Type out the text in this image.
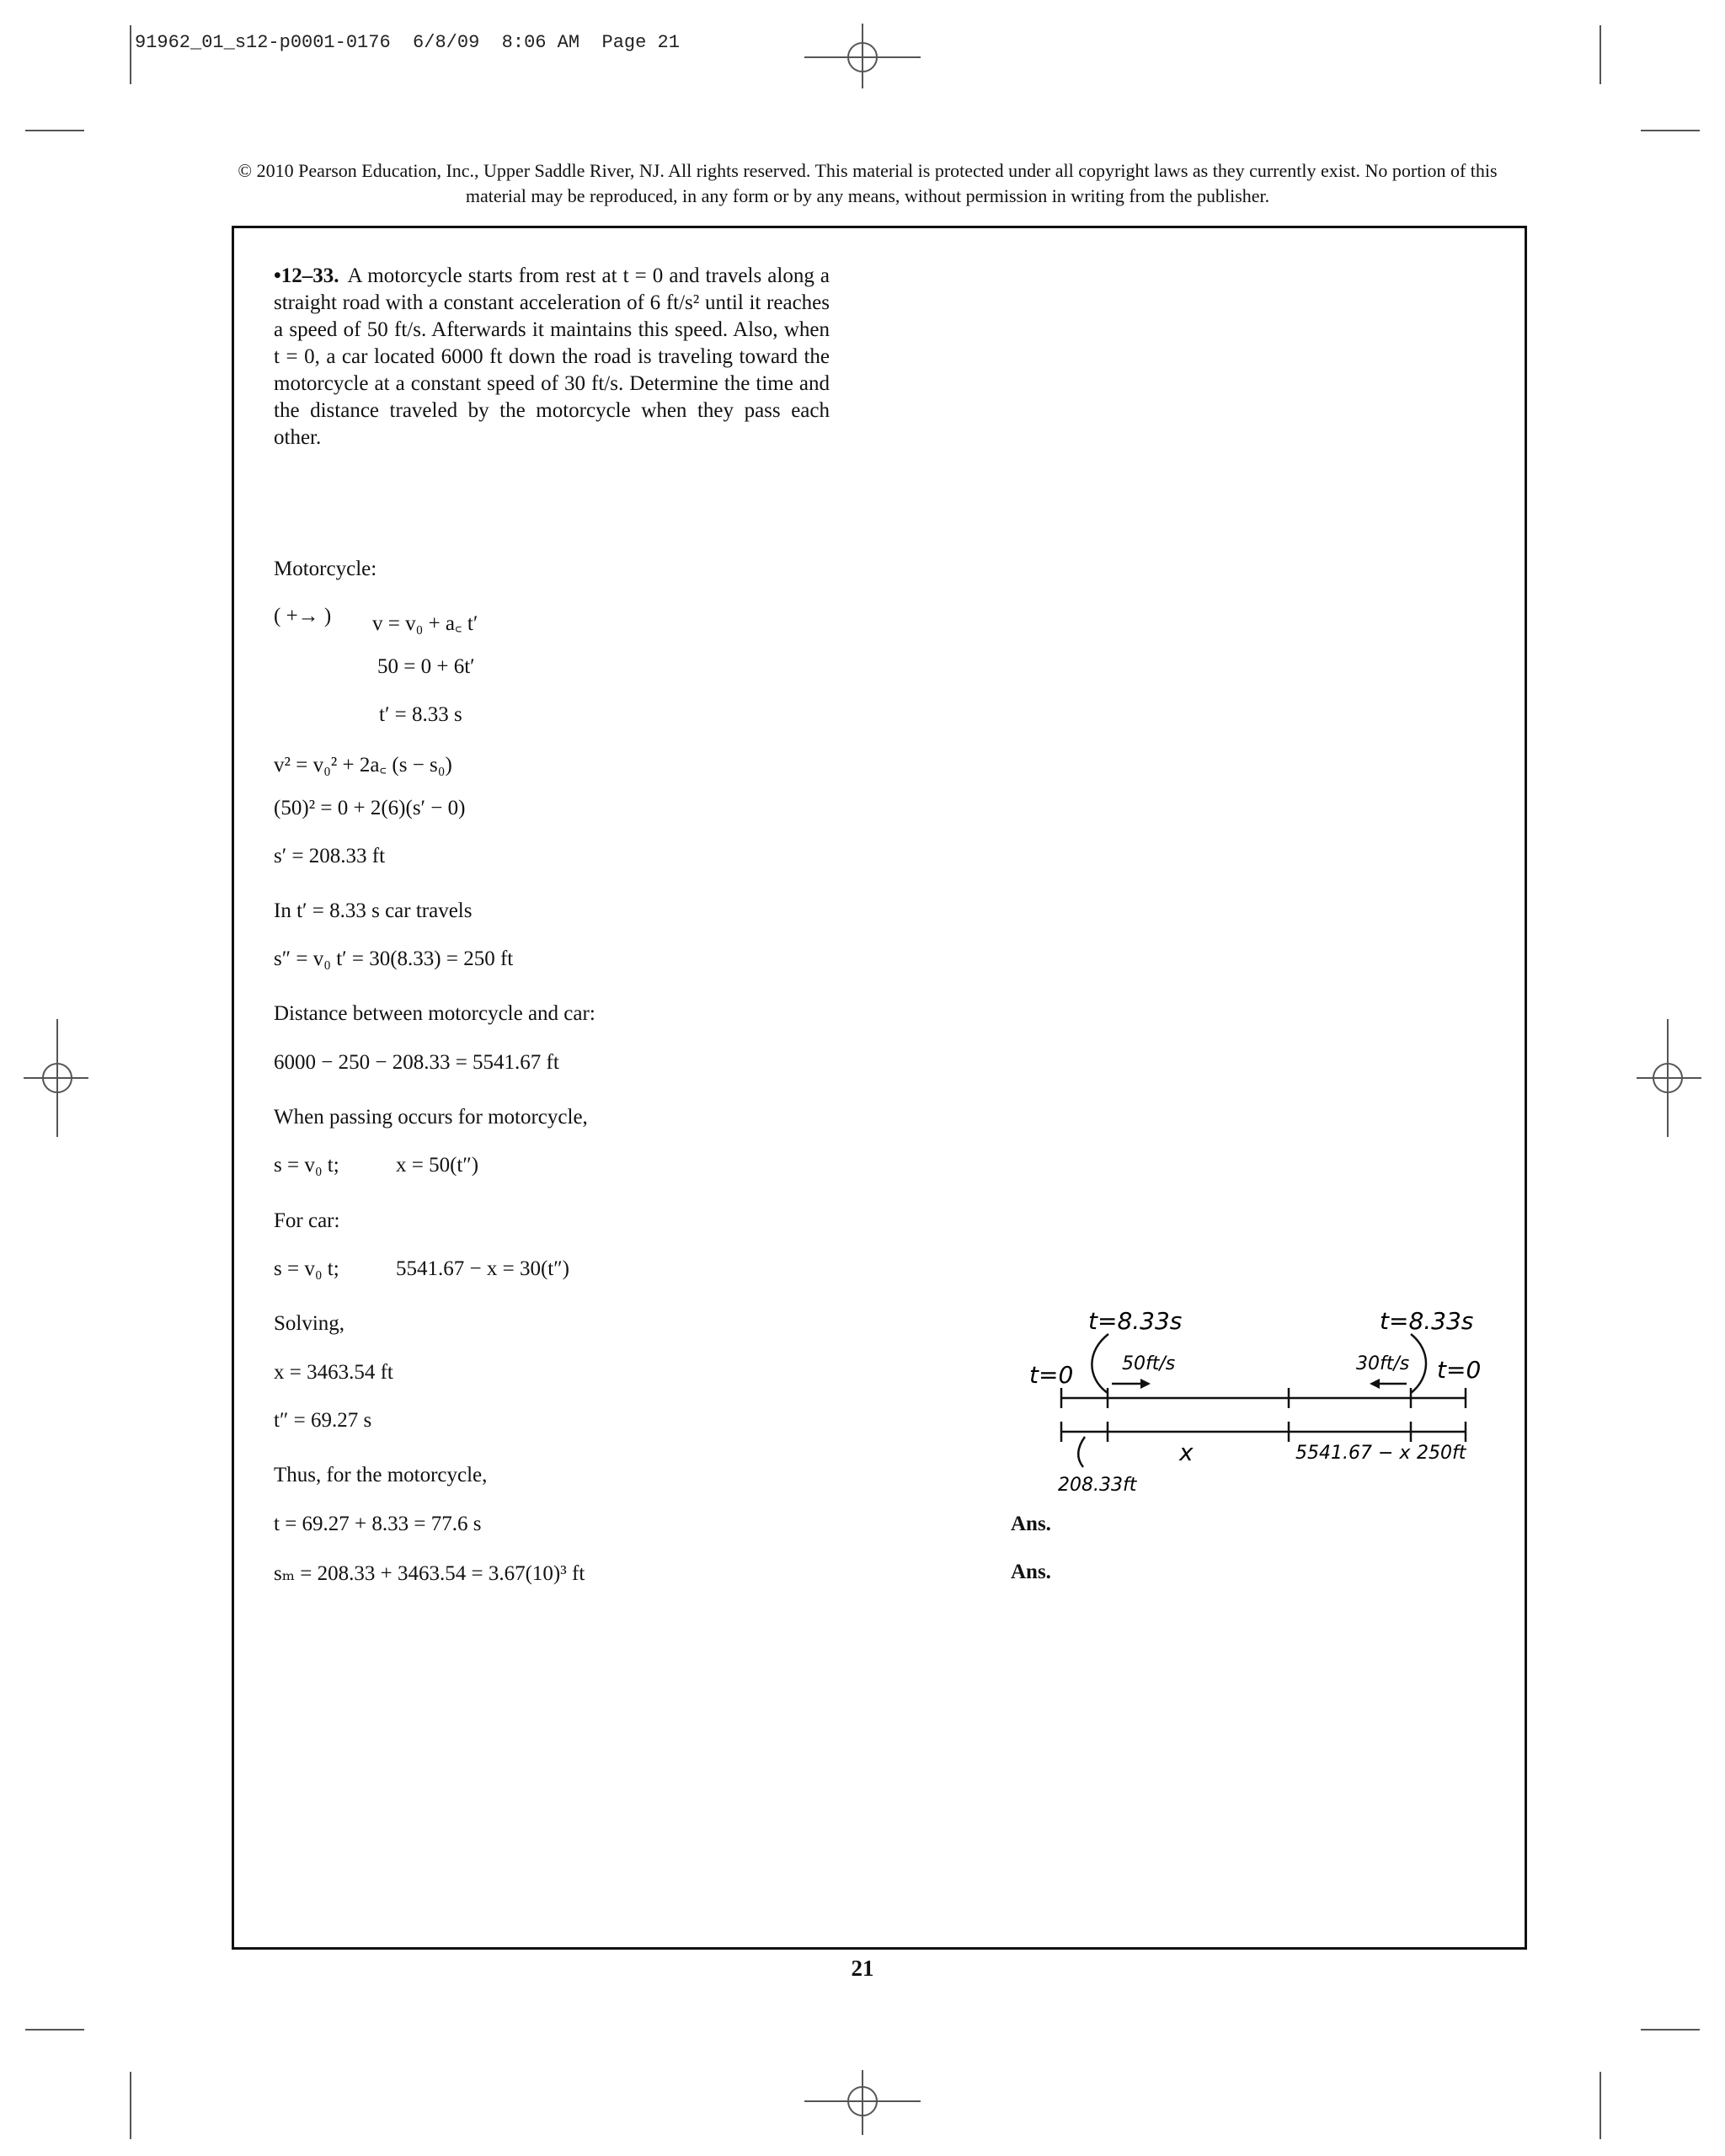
91962_01_s12-p0001-0176  6/8/09  8:06 AM  Page 21
© 2010 Pearson Education, Inc., Upper Saddle River, NJ. All rights reserved. This material is protected under all copyright laws as they currently exist. No portion of this material may be reproduced, in any form or by any means, without permission in writing from the publisher.
•12–33. A motorcycle starts from rest at t = 0 and travels along a straight road with a constant acceleration of 6 ft/s² until it reaches a speed of 50 ft/s. Afterwards it maintains this speed. Also, when t = 0, a car located 6000 ft down the road is traveling toward the motorcycle at a constant speed of 30 ft/s. Determine the time and the distance traveled by the motorcycle when they pass each other.
Motorcycle:
( +→ ) v = v₀ + a꜀ t′
50 = 0 + 6t′
t′ = 8.33 s
v² = v₀² + 2a꜀ (s − s₀)
(50)² = 0 + 2(6)(s′ − 0)
s′ = 208.33 ft
In t′ = 8.33 s car travels
s″ = v₀ t′ = 30(8.33) = 250 ft
Distance between motorcycle and car:
6000 − 250 − 208.33 = 5541.67 ft
When passing occurs for motorcycle,
s = v₀ t;	x = 50(t″)
For car:
s = v₀ t;	5541.67 − x = 30(t″)
Solving,
x = 3463.54 ft
t″ = 69.27 s
Thus, for the motorcycle,
t = 69.27 + 8.33 = 77.6 s	Ans.
sₘ = 208.33 + 3463.54 = 3.67(10)³ ft	Ans.
t=8.33s	t=8.33s
t=0	t=0
50ft/s	30ft/s
x	5541.67 − x 250ft
208.33ft
21
